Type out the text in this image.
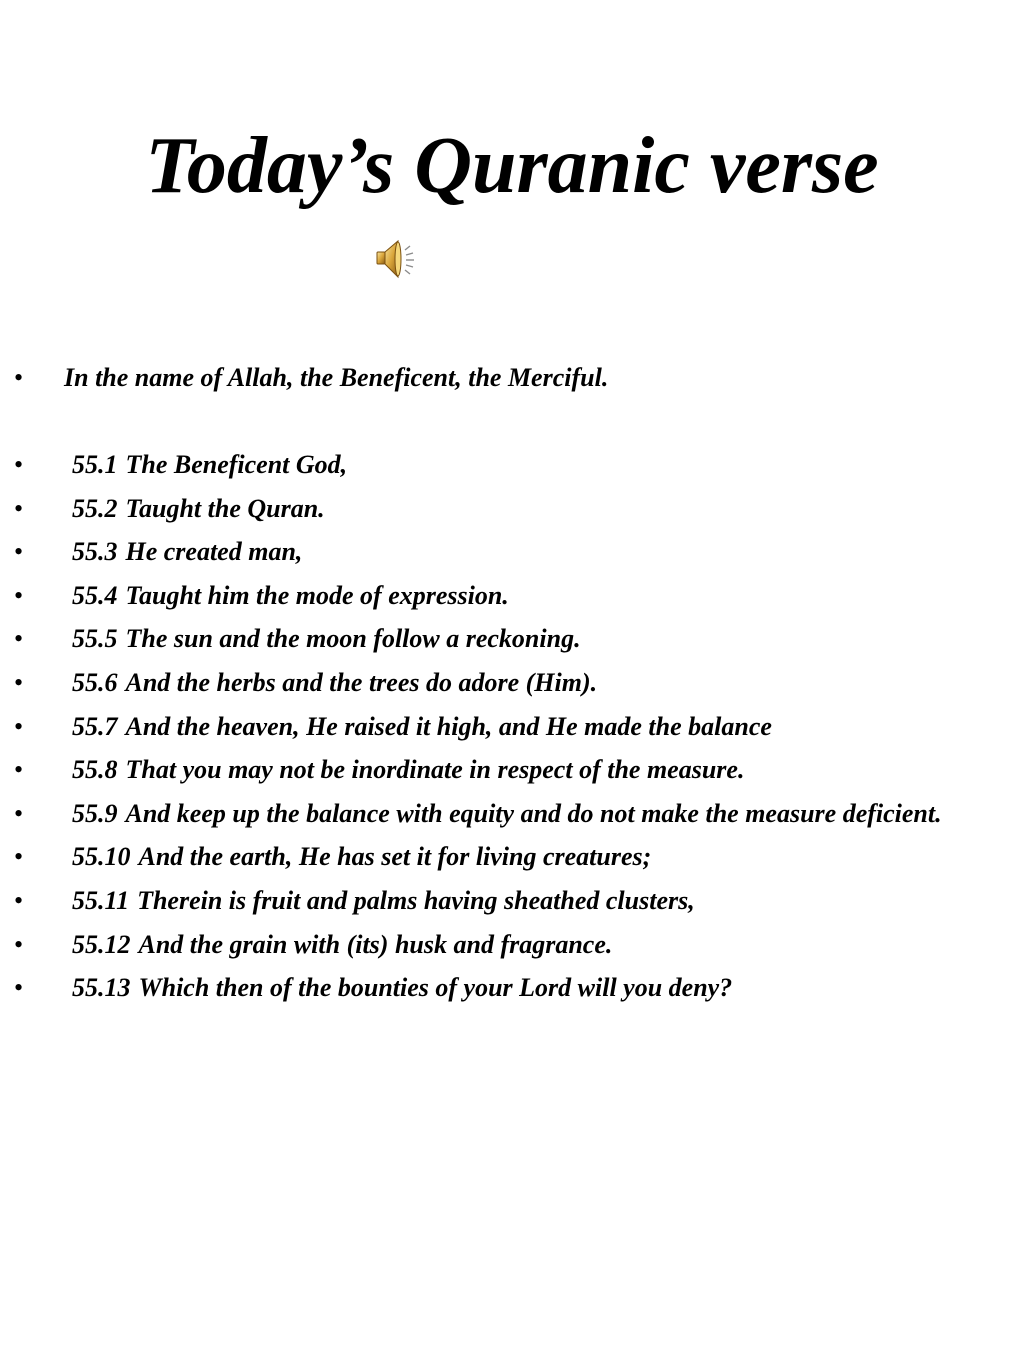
Today’s Quranic verse
• In the name of Allah, the Beneficent, the Merciful.
• 55.1 The Beneficent God,
• 55.2 Taught the Quran.
• 55.3 He created man,
• 55.4 Taught him the mode of expression.
• 55.5 The sun and the moon follow a reckoning.
• 55.6 And the herbs and the trees do adore (Him).
• 55.7 And the heaven, He raised it high, and He made the balance
• 55.8 That you may not be inordinate in respect of the measure.
• 55.9 And keep up the balance with equity and do not make the measure deficient.
• 55.10 And the earth, He has set it for living creatures;
• 55.11 Therein is fruit and palms having sheathed clusters,
• 55.12 And the grain with (its) husk and fragrance.
• 55.13 Which then of the bounties of your Lord will you deny?
